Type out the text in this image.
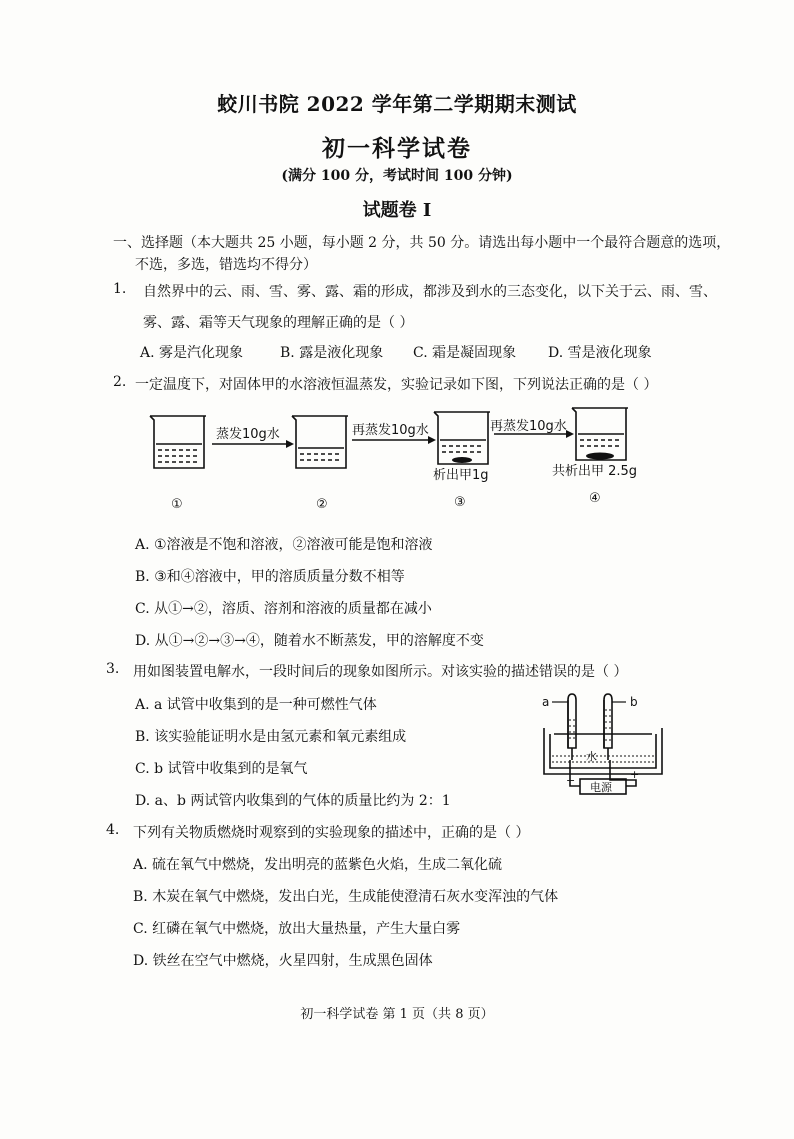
蛟川书院 2022 学年第二学期期末测试
初一科学试卷
(满分 100 分，考试时间 100 分钟)
试题卷 I
一、选择题（本大题共 25 小题，每小题 2 分，共 50 分。请选出每小题中一个最符合题意的选项，
不选，多选，错选均不得分）
1. 自然界中的云、雨、雪、雾、露、霜的形成，都涉及到水的三态变化，以下关于云、雨、雪、
雾、露、霜等天气现象的理解正确的是（ ）
A. 雾是汽化现象	B. 露是液化现象 C. 霜是凝固现象 D. 雪是液化现象
2. 一定温度下，对固体甲的水溶液恒温蒸发，实验记录如下图，下列说法正确的是（ ）
蒸发10g水	再蒸发10g水	再蒸发10g水
析出甲1g	共析出甲 2.5g
①	②	③	④
A. ①溶液是不饱和溶液，②溶液可能是饱和溶液
B. ③和④溶液中，甲的溶质质量分数不相等
C. 从①→②，溶质、溶剂和溶液的质量都在减小
D. 从①→②→③→④，随着水不断蒸发，甲的溶解度不变
3. 用如图装置电解水，一段时间后的现象如图所示。对该实验的描述错误的是（ ）
A. a 试管中收集到的是一种可燃性气体
B. 该实验能证明水是由氢元素和氧元素组成
C. b 试管中收集到的是氧气
D. a、b 两试管内收集到的气体的质量比约为 2：1
a	b
水
−	+
电源
4. 下列有关物质燃烧时观察到的实验现象的描述中，正确的是（ ）
A. 硫在氧气中燃烧，发出明亮的蓝紫色火焰，生成二氧化硫
B. 木炭在氧气中燃烧，发出白光，生成能使澄清石灰水变浑浊的气体
C. 红磷在氧气中燃烧，放出大量热量，产生大量白雾
D. 铁丝在空气中燃烧，火星四射，生成黑色固体
初一科学试卷 第 1 页（共 8 页）
